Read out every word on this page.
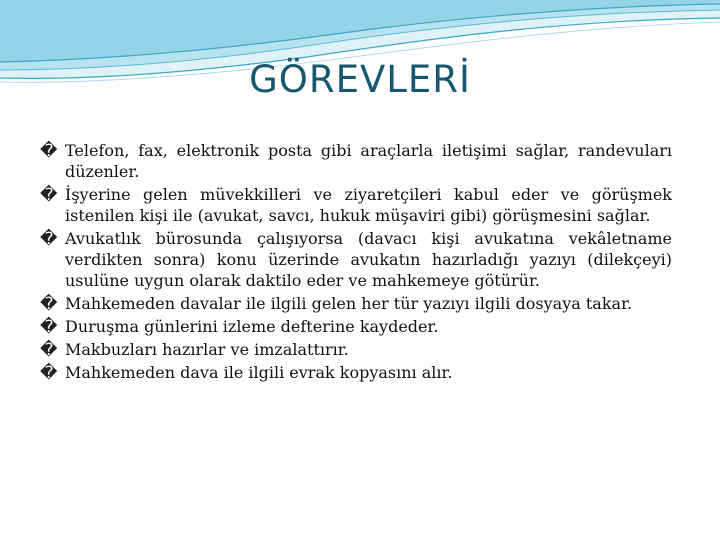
GÖREVLERİ
� Telefon, fax, elektronik posta gibi araçlarla iletişimi sağlar, randevuları düzenler.
� İşyerine gelen müvekkilleri ve ziyaretçileri kabul eder ve görüşmek istenilen kişi ile (avukat, savcı, hukuk müşaviri gibi) görüşmesini sağlar.
� Avukatlık bürosunda çalışıyorsa (davacı kişi avukatına vekâletname verdikten sonra) konu üzerinde avukatın hazırladığı yazıyı (dilekçeyi) usulüne uygun olarak daktilo eder ve mahkemeye götürür.
� Mahkemeden davalar ile ilgili gelen her tür yazıyı ilgili dosyaya takar.
� Duruşma günlerini izleme defterine kaydeder.
� Makbuzları hazırlar ve imzalattırır.
� Mahkemeden dava ile ilgili evrak kopyasını alır.
